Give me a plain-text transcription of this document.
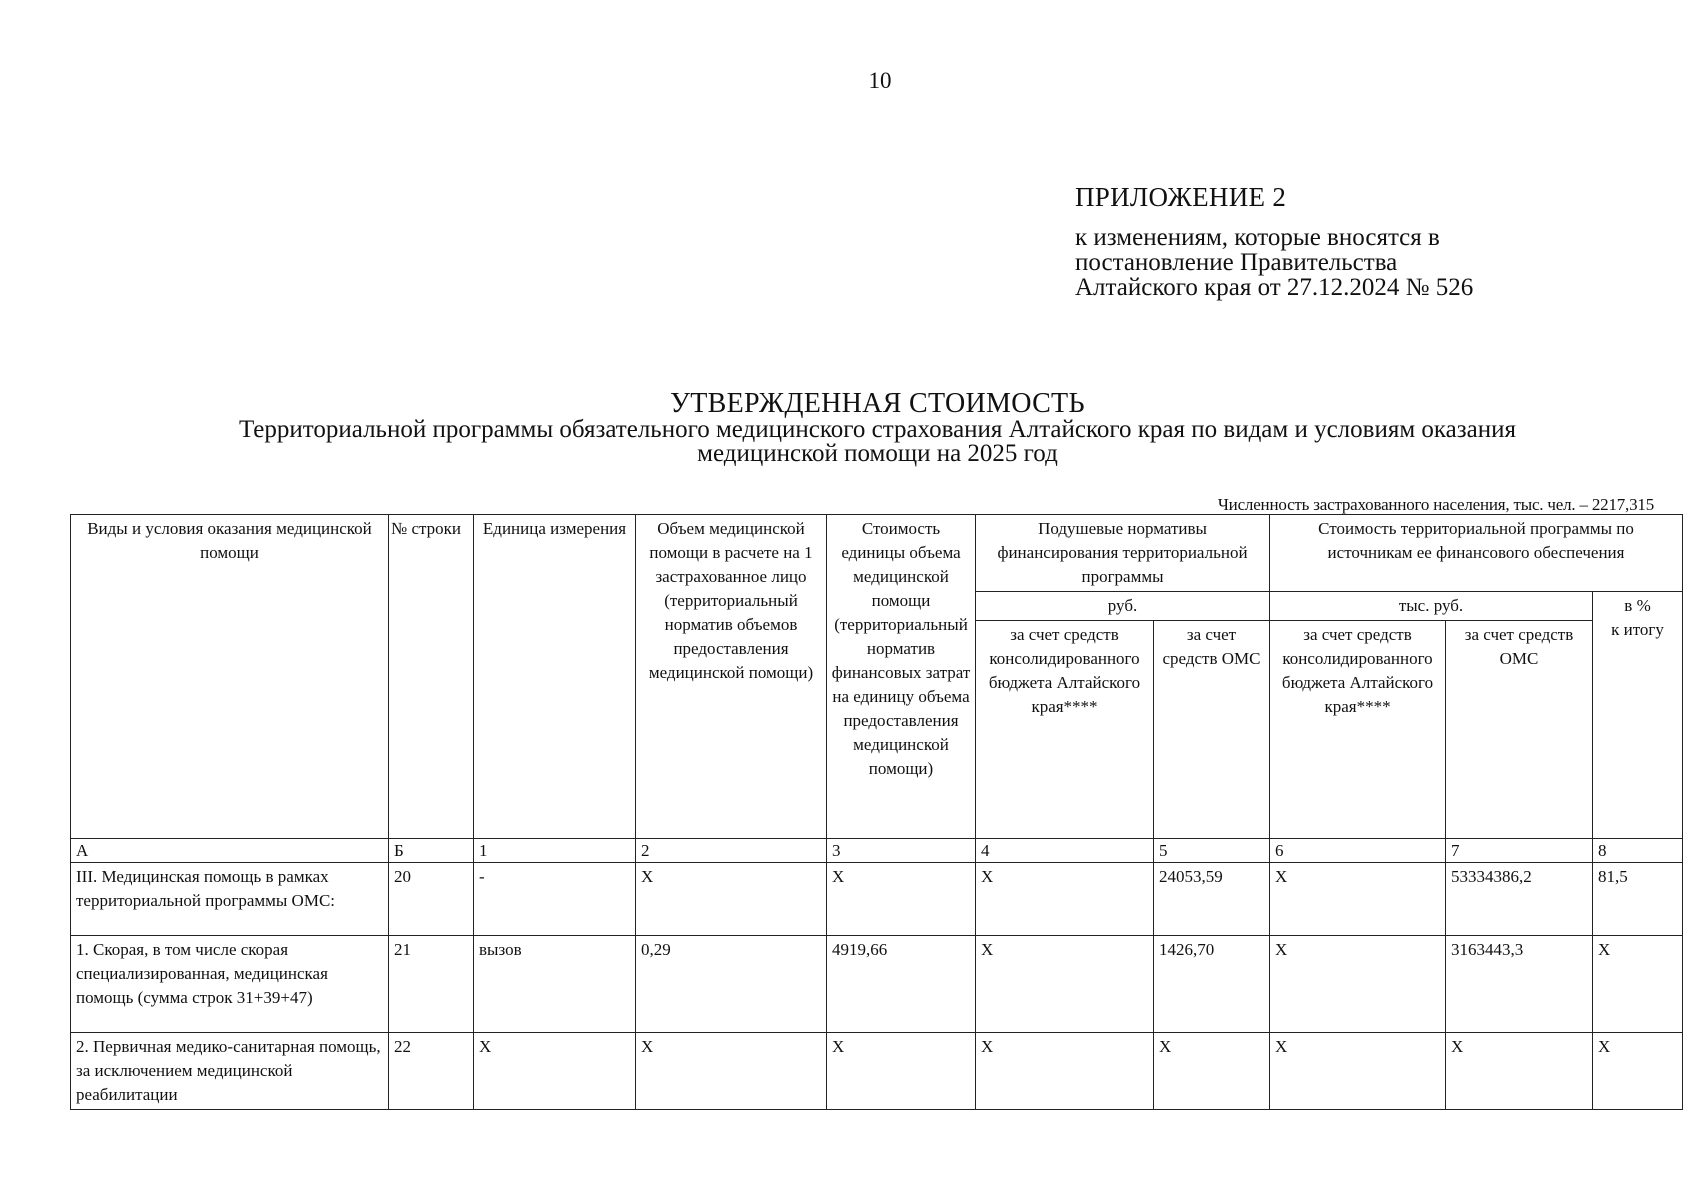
10
ПРИЛОЖЕНИЕ 2
к изменениям, которые вносятся в
постановление Правительства
Алтайского края от 27.12.2024 № 526
УТВЕРЖДЕННАЯ СТОИМОСТЬ
Территориальной программы обязательного медицинского страхования Алтайского края по видам и условиям оказания
медицинской помощи на 2025 год
Численность застрахованного населения, тыс. чел. – 2217,315
Виды и условия оказания медицинской помощи	№ строки	Единица измерения	Объем медицинской помощи в расчете на 1 застрахованное лицо (территориальный норматив объемов предоставления медицинской помощи)	Стоимость единицы объема медицинской помощи (территориальный норматив финансовых затрат на единицу объема предоставления медицинской помощи)	Подушевые нормативы финансирования территориальной программы		Стоимость территориальной программы по источникам ее финансового обеспечения		
					руб.		тыс. руб.		в %
к итогу

					за счет средств консолидированного бюджета Алтайского края****	за счет средств ОМС	за счет средств консолидированного бюджета Алтайского края****	за счет средств ОМС	
А	Б	1	2	3	4	5	6	7	8
III. Медицинская помощь в рамках территориальной программы ОМС:	20	-	Х	Х	Х	24053,59	Х	53334386,2	81,5
1. Скорая, в том числе скорая специализированная, медицинская помощь (сумма строк 31+39+47)	21	вызов	0,29	4919,66	Х	1426,70	Х	3163443,3	Х
2. Первичная медико-санитарная помощь, за исключением медицинской реабилитации	22	Х	Х	Х	Х	Х	Х	Х	Х
